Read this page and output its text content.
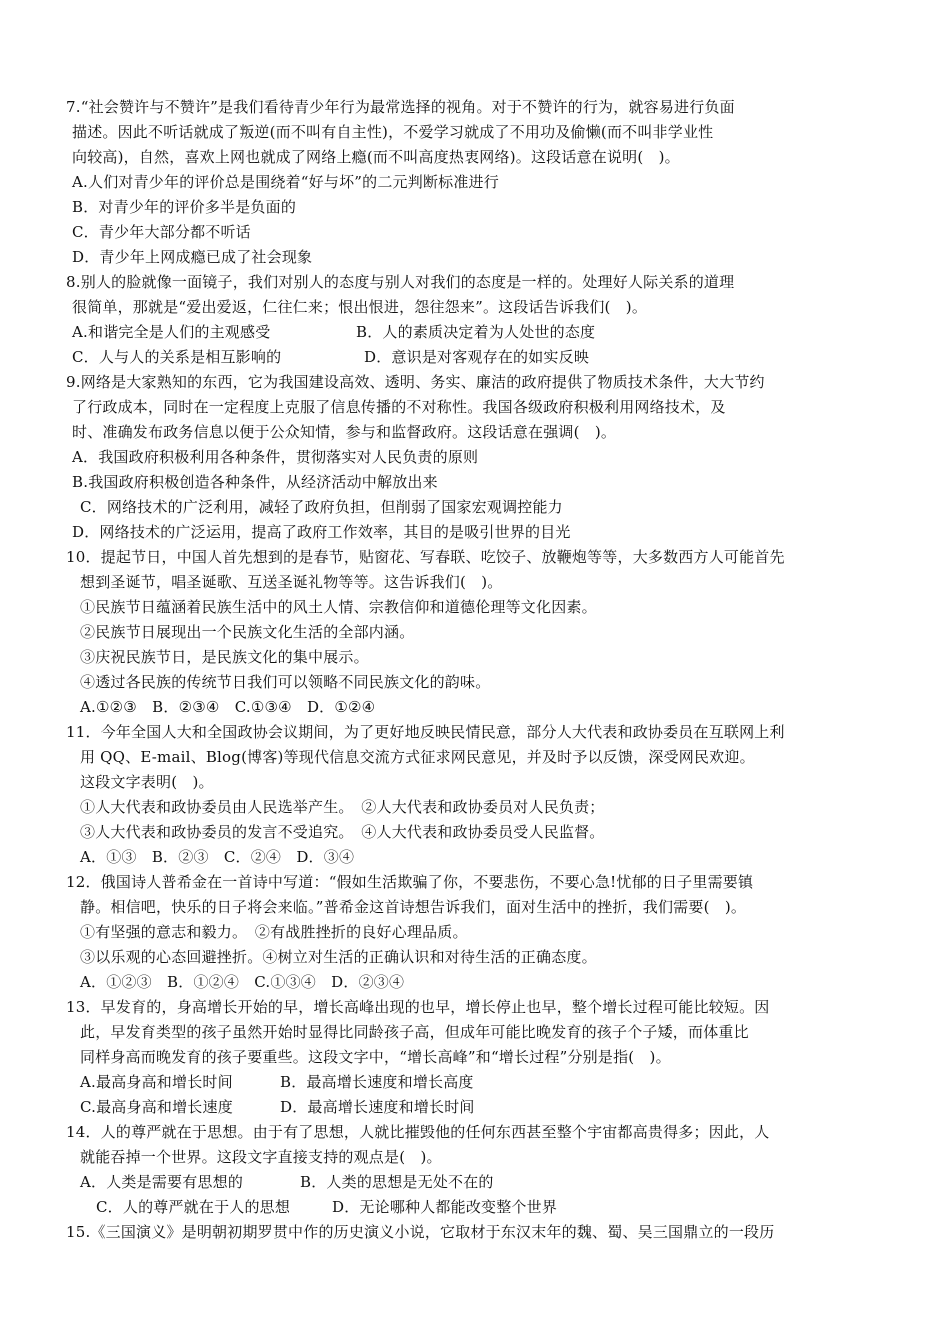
7.“社会赞许与不赞许”是我们看待青少年行为最常选择的视角。对于不赞许的行为，就容易进行负面
描述。因此不听话就成了叛逆(而不叫有自主性)，不爱学习就成了不用功及偷懒(而不叫非学业性
向较高)，自然，喜欢上网也就成了网络上瘾(而不叫高度热衷网络)。这段话意在说明(　)。
A.人们对青少年的评价总是围绕着“好与坏”的二元判断标准进行
B．对青少年的评价多半是负面的
C．青少年大部分都不听话
D．青少年上网成瘾已成了社会现象
8.别人的脸就像一面镜子，我们对别人的态度与别人对我们的态度是一样的。处理好人际关系的道理
很简单，那就是“爱出爱返，仁往仁来；恨出恨进，怨往怨来”。这段话告诉我们(　)。
A.和谐完全是人们的主观感受	B．人的素质决定着为人处世的态度
C．人与人的关系是相互影响的	D．意识是对客观存在的如实反映
9.网络是大家熟知的东西，它为我国建设高效、透明、务实、廉洁的政府提供了物质技术条件，大大节约
了行政成本，同时在一定程度上克服了信息传播的不对称性。我国各级政府积极利用网络技术，及
时、准确发布政务信息以便于公众知情，参与和监督政府。这段话意在强调(　)。
A．我国政府积极利用各种条件，贯彻落实对人民负责的原则
B.我国政府积极创造各种条件，从经济活动中解放出来
C．网络技术的广泛利用，减轻了政府负担，但削弱了国家宏观调控能力
D．网络技术的广泛运用，提高了政府工作效率，其目的是吸引世界的目光
10．提起节日，中国人首先想到的是春节，贴窗花、写春联、吃饺子、放鞭炮等等，大多数西方人可能首先
想到圣诞节，唱圣诞歌、互送圣诞礼物等等。这告诉我们(　)。
①民族节日蕴涵着民族生活中的风土人情、宗教信仰和道德伦理等文化因素。
②民族节日展现出一个民族文化生活的全部内涵。
③庆祝民族节日，是民族文化的集中展示。
④透过各民族的传统节日我们可以领略不同民族文化的韵味。
A.①②③　B．②③④　C.①③④　D．①②④
11．今年全国人大和全国政协会议期间，为了更好地反映民情民意，部分人大代表和政协委员在互联网上利
用 QQ、E-mail、Blog(博客)等现代信息交流方式征求网民意见，并及时予以反馈，深受网民欢迎。
这段文字表明(　)。
①人大代表和政协委员由人民选举产生。　②人大代表和政协委员对人民负责；
③人大代表和政协委员的发言不受追究。　④人大代表和政协委员受人民监督。
A．①③　B．②③　C．②④　D．③④
12．俄国诗人普希金在一首诗中写道：“假如生活欺骗了你，不要悲伤，不要心急!忧郁的日子里需要镇
静。相信吧，快乐的日子将会来临。”普希金这首诗想告诉我们，面对生活中的挫折，我们需要(　)。
①有坚强的意志和毅力。　②有战胜挫折的良好心理品质。
③以乐观的心态回避挫折。④树立对生活的正确认识和对待生活的正确态度。
A．①②③　B．①②④　C.①③④　D．②③④
13．早发育的，身高增长开始的早，增长高峰出现的也早，增长停止也早，整个增长过程可能比较短。因
此，早发育类型的孩子虽然开始时显得比同龄孩子高，但成年可能比晚发育的孩子个子矮，而体重比
同样身高而晚发育的孩子要重些。这段文字中，“增长高峰”和“增长过程”分别是指(　)。
A.最高身高和增长时间	B．最高增长速度和增长高度
C.最高身高和增长速度	D．最高增长速度和增长时间
14．人的尊严就在于思想。由于有了思想，人就比摧毁他的任何东西甚至整个宇宙都高贵得多；因此，人
就能吞掉一个世界。这段文字直接支持的观点是(　)。
A．人类是需要有思想的	B．人类的思想是无处不在的
C．人的尊严就在于人的思想	D．无论哪种人都能改变整个世界
15.《三国演义》是明朝初期罗贯中作的历史演义小说，它取材于东汉末年的魏、蜀、吴三国鼎立的一段历
